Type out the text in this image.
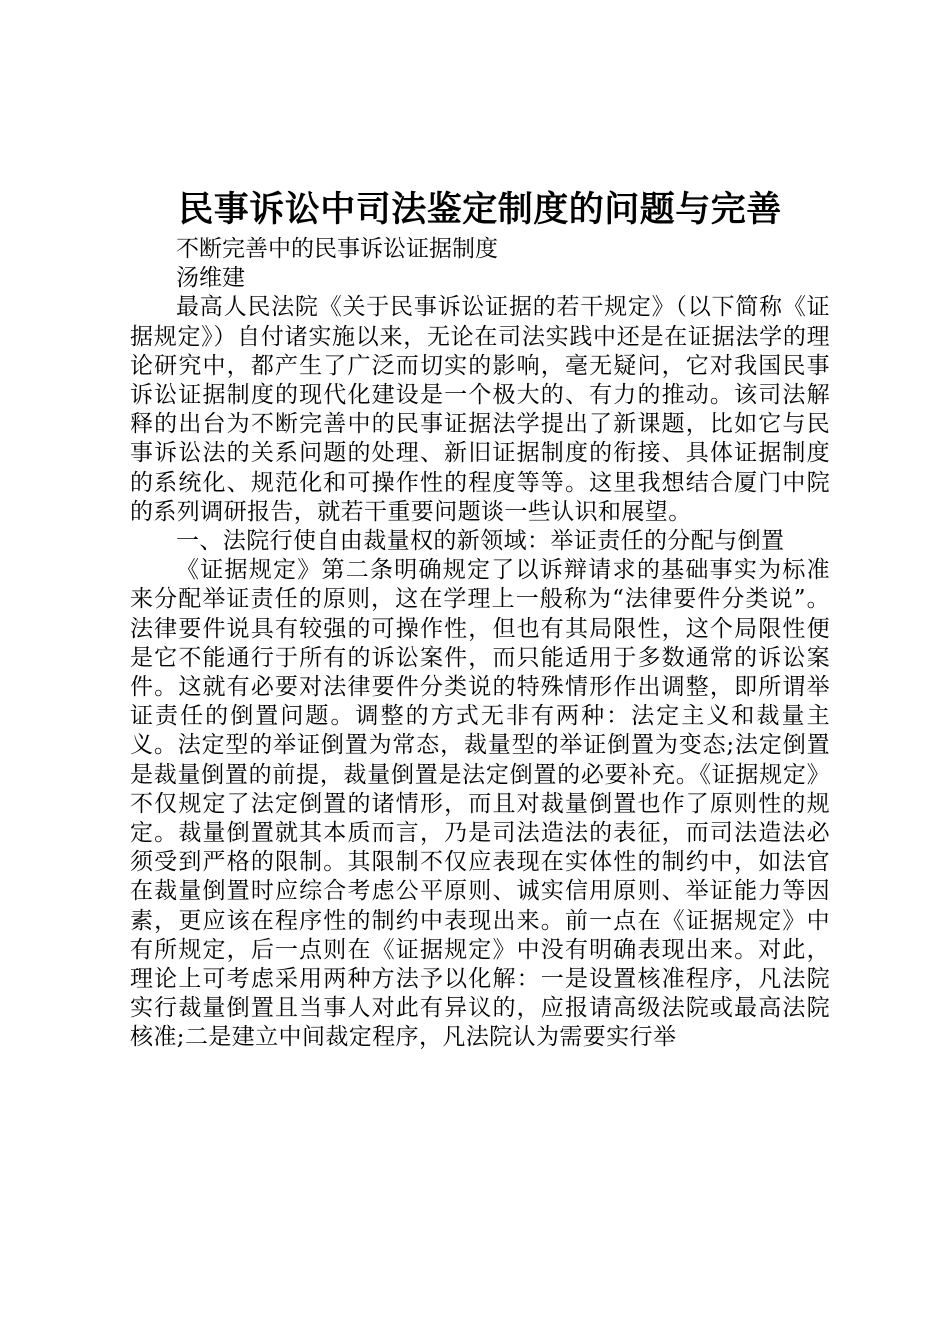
民事诉讼中司法鉴定制度的问题与完善

不断完善中的民事诉讼证据制度

汤维建

最高人民法院《关于民事诉讼证据的若干规定》（以下简称《证据规定》）自付诸实施以来，无论在司法实践中还是在证据法学的理论研究中，都产生了广泛而切实的影响，毫无疑问，它对我国民事诉讼证据制度的现代化建设是一个极大的、有力的推动。该司法解释的出台为不断完善中的民事证据法学提出了新课题，比如它与民事诉讼法的关系问题的处理、新旧证据制度的衔接、具体证据制度的系统化、规范化和可操作性的程度等等。这里我想结合厦门中院的系列调研报告，就若干重要问题谈一些认识和展望。

一、法院行使自由裁量权的新领域：举证责任的分配与倒置

《证据规定》第二条明确规定了以诉辩请求的基础事实为标准来分配举证责任的原则，这在学理上一般称为“法律要件分类说”。法律要件说具有较强的可操作性，但也有其局限性，这个局限性便是它不能通行于所有的诉讼案件，而只能适用于多数通常的诉讼案件。这就有必要对法律要件分类说的特殊情形作出调整，即所谓举证责任的倒置问题。调整的方式无非有两种：法定主义和裁量主义。法定型的举证倒置为常态，裁量型的举证倒置为变态;法定倒置是裁量倒置的前提，裁量倒置是法定倒置的必要补充。《证据规定》不仅规定了法定倒置的诸情形，而且对裁量倒置也作了原则性的规定。裁量倒置就其本质而言，乃是司法造法的表征，而司法造法必须受到严格的限制。其限制不仅应表现在实体性的制约中，如法官在裁量倒置时应综合考虑公平原则、诚实信用原则、举证能力等因素，更应该在程序性的制约中表现出来。前一点在《证据规定》中有所规定，后一点则在《证据规定》中没有明确表现出来。对此，理论上可考虑采用两种方法予以化解：一是设置核准程序，凡法院实行裁量倒置且当事人对此有异议的，应报请高级法院或最高法院核准;二是建立中间裁定程序，凡法院认为需要实行举
